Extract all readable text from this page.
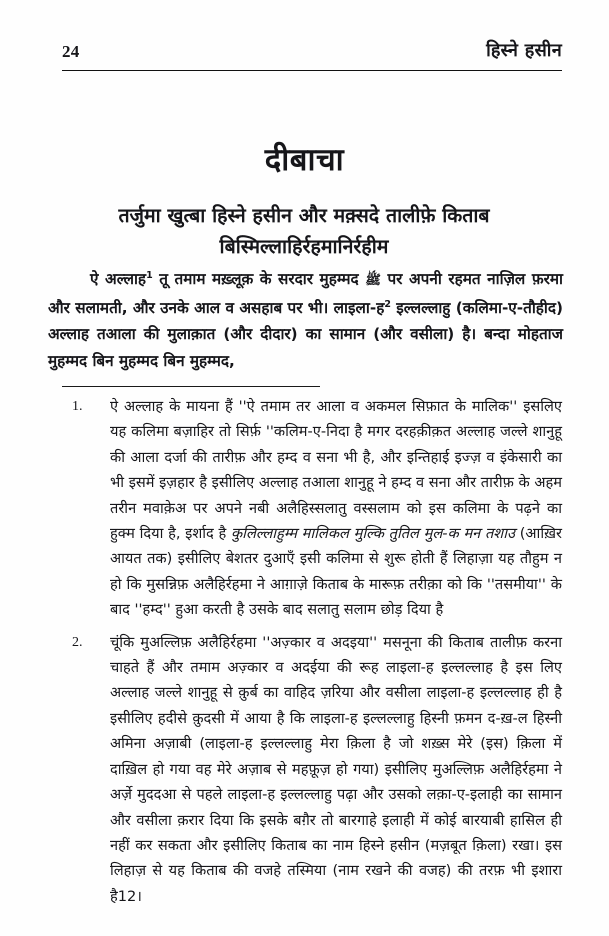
24	हिस्ने हसीन
दीबाचा
तर्जुमा खुत्बा हिस्ने हसीन और मक़्सदे तालीफ़े किताब
बिस्मिल्लाहिर्रहमानिर्रहीम
ऐ अल्लाह$^1$ तू तमाम मख़्लूक़ के सरदार मुहम्मद ﷺ पर अपनी रहमत नाज़िल फ़रमा और सलामती, और उनके आल व असहाब पर भी। लाइला-ह$^2$ इल्लल्लाहु (कलिमा-ए-तौहीद) अल्लाह तआला की मुलाक़ात (और दीदार) का सामान (और वसीला) है। बन्दा मोहताज मुहम्मद बिन मुहम्मद बिन मुहम्मद,
1. ऐ अल्लाह के मायना हैं ''ऐ तमाम तर आला व अकमल सिफ़ात के मालिक'' इसलिए यह कलिमा बज़ाहिर तो सिर्फ़ ''कलिम-ए-निदा है मगर दरहक़ीक़त अल्लाह जल्ले शानुहू की आला दर्जा की तारीफ़ और हम्द व सना भी है, और इन्तिहाई इज्ज़ व इंकेसारी का भी इसमें इज़हार है इसीलिए अल्लाह तआला शानुहू ने हम्द व सना और तारीफ़ के अहम तरीन मवाक़ेअ पर अपने नबी अलैहिस्सलातु वस्सलाम को इस कलिमा के पढ़ने का हुक्म दिया है, इर्शाद है कुलिल्लाहुम्म मालिकल मुल्कि तुतिल मुल-क मन तशाउ (आख़िर आयत तक) इसीलिए बेशतर दुआएँ इसी कलिमा से शुरू होती हैं लिहाज़ा यह तौहुम न हो कि मुसन्निफ़ अलैहिर्रहमा ने आग़ाज़े किताब के मारूफ़ तरीक़ा को कि ''तसमीया'' के बाद ''हम्द'' हुआ करती है उसके बाद सलातु सलाम छोड़ दिया है
2. चूंकि मुअल्लिफ़ अलैहिर्रहमा ''अज़्कार व अदइया'' मसनूना की किताब तालीफ़ करना चाहते हैं और तमाम अज़्कार व अदईया की रूह लाइला-ह इल्लल्लाह है इस लिए अल्लाह जल्ले शानुहू से क़ुर्ब का वाहिद ज़रिया और वसीला लाइला-ह इल्लल्लाह ही है इसीलिए हदीसे क़ुदसी में आया है कि लाइला-ह इल्लल्लाहु हिस्नी फ़मन द-ख़-ल हिस्नी अमिना अज़ाबी (लाइला-ह इल्लल्लाहु मेरा क़िला है जो शख़्स मेरे (इस) क़िला में दाख़िल हो गया वह मेरे अज़ाब से महफ़ूज़ हो गया) इसीलिए मुअल्लिफ़ अलैहिर्रहमा ने अर्ज़े मुददआ से पहले लाइला-ह इल्लल्लाहु पढ़ा और उसको लक़ा-ए-इलाही का सामान और वसीला क़रार दिया कि इसके बग़ैर तो बारगाहे इलाही में कोई बारयाबी हासिल ही नहीं कर सकता और इसीलिए किताब का नाम हिस्ने हसीन (मज़बूत क़िला) रखा। इस लिहाज़ से यह किताब की वजहे तस्मिया (नाम रखने की वजह) की तरफ़ भी इशारा है12।
